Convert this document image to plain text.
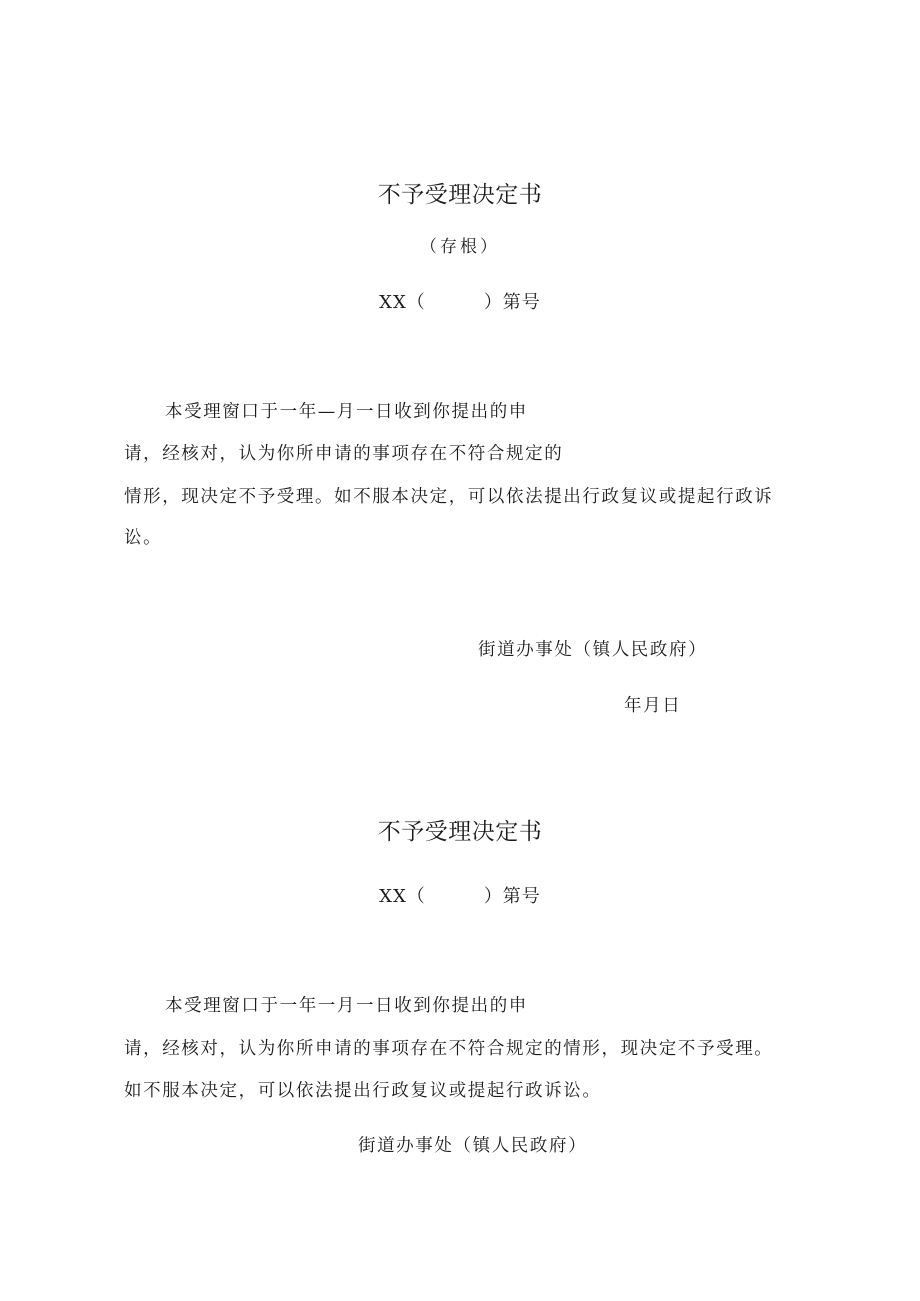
不予受理决定书
（存根）
XX（	）第号
本受理窗口于一年—月一日收到你提出的申
请，经核对，认为你所申请的事项存在不符合规定的
情形，现决定不予受理。如不服本决定，可以依法提出行政复议或提起行政诉
讼。
街道办事处（镇人民政府）
年月日
不予受理决定书
XX（	）第号
本受理窗口于一年一月一日收到你提出的申
请，经核对，认为你所申请的事项存在不符合规定的情形，现决定不予受理。
如不服本决定，可以依法提出行政复议或提起行政诉讼。
街道办事处（镇人民政府）
